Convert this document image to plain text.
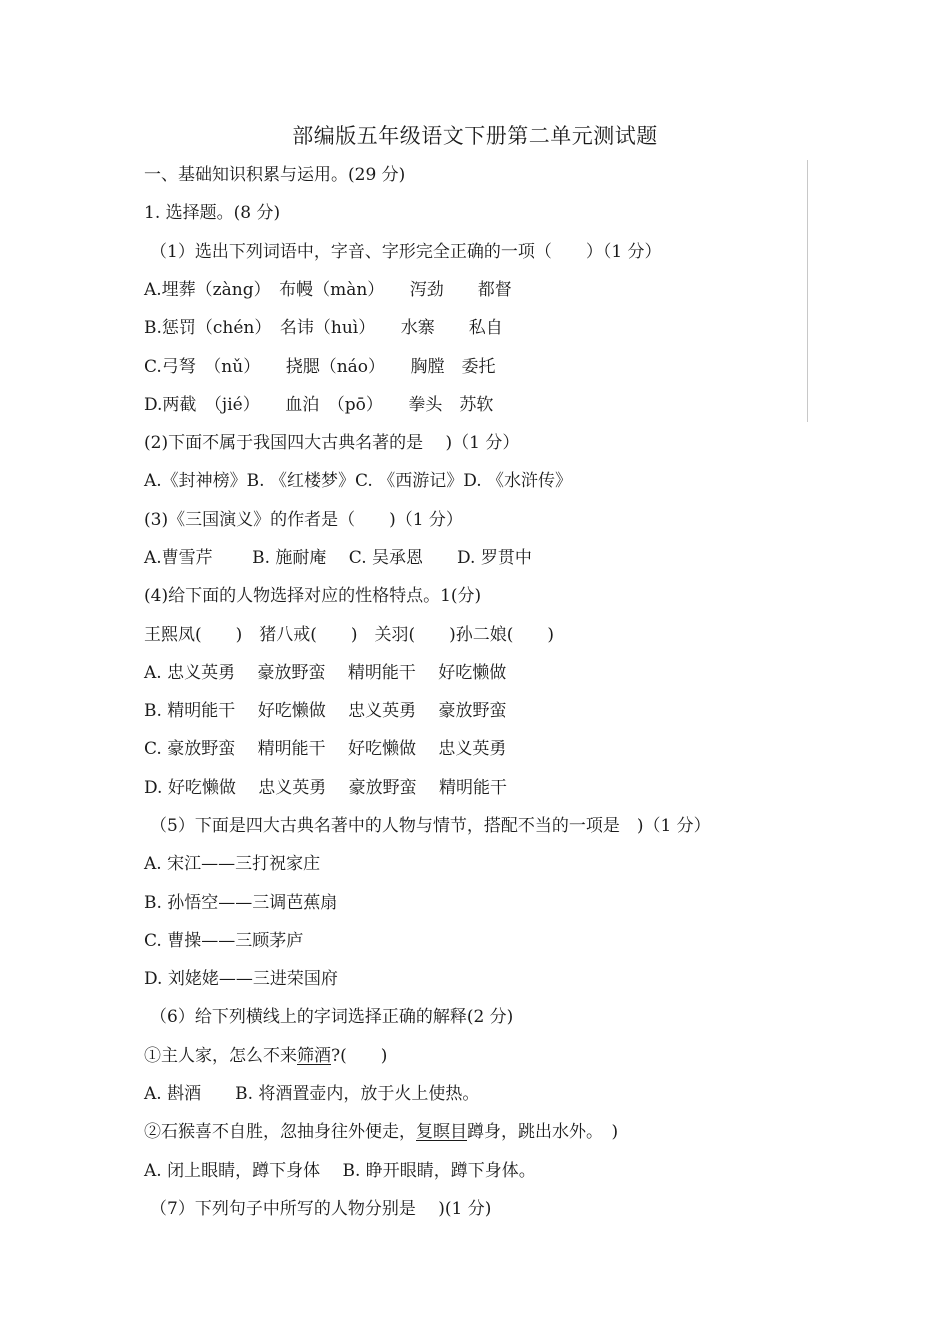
部编版五年级语文下册第二单元测试题
一、基础知识积累与运用。(29 分)
1. 选择题。(8 分)
（1）选出下列词语中，字音、字形完全正确的一项（　　）（1 分）
A.埋葬（zàng）　布幔（màn）　　泻劲　　都督
B.惩罚（chén）　名讳（huì）　　水寨　　私自
C.弓弩　（nǔ）　　挠腮（náo）　　胸膛　委托
D.两截　（jié）　　血泊　（pō）　　拳头　苏软
(2)下面不属于我国四大古典名著的是　 )（1 分）
A.《封神榜》B. 《红楼梦》C. 《西游记》D. 《水浒传》
(3)《三国演义》的作者是（　　)（1 分）
A.曹雪芹　　 B. 施耐庵　 C. 吴承恩　　D. 罗贯中
(4)给下面的人物选择对应的性格特点。1(分)
王熙凤(　　)　猪八戒(　　)　关羽(　　)孙二娘(　　)
A. 忠义英勇　 豪放野蛮　 精明能干　 好吃懒做
B. 精明能干　 好吃懒做　 忠义英勇　 豪放野蛮
C. 豪放野蛮　 精明能干　 好吃懒做　 忠义英勇
D. 好吃懒做　 忠义英勇　 豪放野蛮　 精明能干
（5）下面是四大古典名著中的人物与情节，搭配不当的一项是　)（1 分）
A. 宋江——三打祝家庄
B. 孙悟空——三调芭蕉扇
C. 曹操——三顾茅庐
D. 刘姥姥——三进荣国府
（6）给下列横线上的字词选择正确的解释(2 分)
①主人家，怎么不来筛酒?(　　)
A. 斟酒　　B. 将酒置壶内，放于火上使热。
②石猴喜不自胜，忽抽身往外便走，复瞑目蹲身，跳出水外。　)
A. 闭上眼睛，蹲下身体　 B. 睁开眼睛，蹲下身体。
（7）下列句子中所写的人物分别是　 )(1 分)
